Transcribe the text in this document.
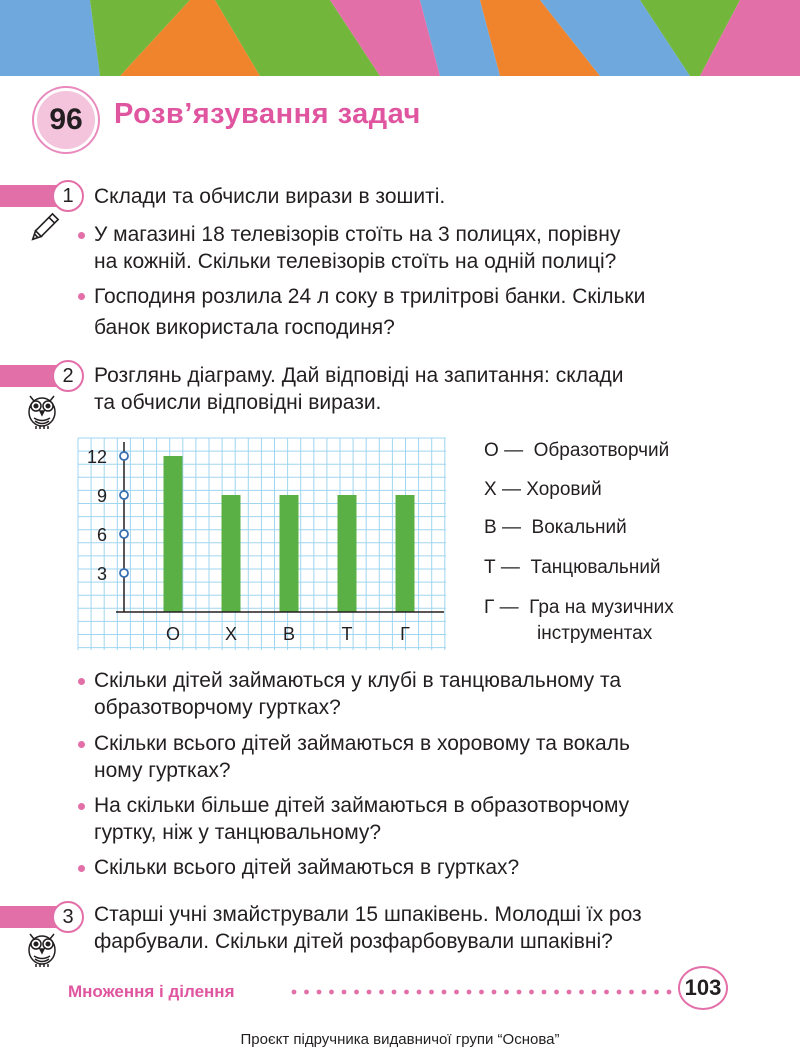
96	Розв’язування задач
1 Склади та обчисли вирази в зошиті.
У магазині 18 телевізорів стоїть на 3 полицях, порівну
на кожній. Скільки телевізорів стоїть на одній полиці?
Господиня розлила 24 л соку в трилітрові банки. Скільки
банок використала господиня?
2 Розглянь діаграму. Дай відповіді на запитання: склади
та обчисли відповідні вирази.
3
6
9
12
О Х	В	Т	Г
О — Образотворчий
Х — Хоровий
В — Вокальний
Т — Танцювальний
Г — Гра на музичних
інструментах
Скільки дітей займаються у клубі в танцювальному та
образотворчому гуртках?
Скільки всього дітей займаються в хоровому та вокаль
ному гуртках?
На скільки більше дітей займаються в образотворчому
гуртку, ніж у танцювальному?
Скільки всього дітей займаються в гуртках?
3 Старші учні змайстрували 15 шпаківень. Молодші їх роз
фарбували. Скільки дітей розфарбовували шпаківні?
Множення і ділення	103
Проєкт підручника видавничої групи “Основа”
